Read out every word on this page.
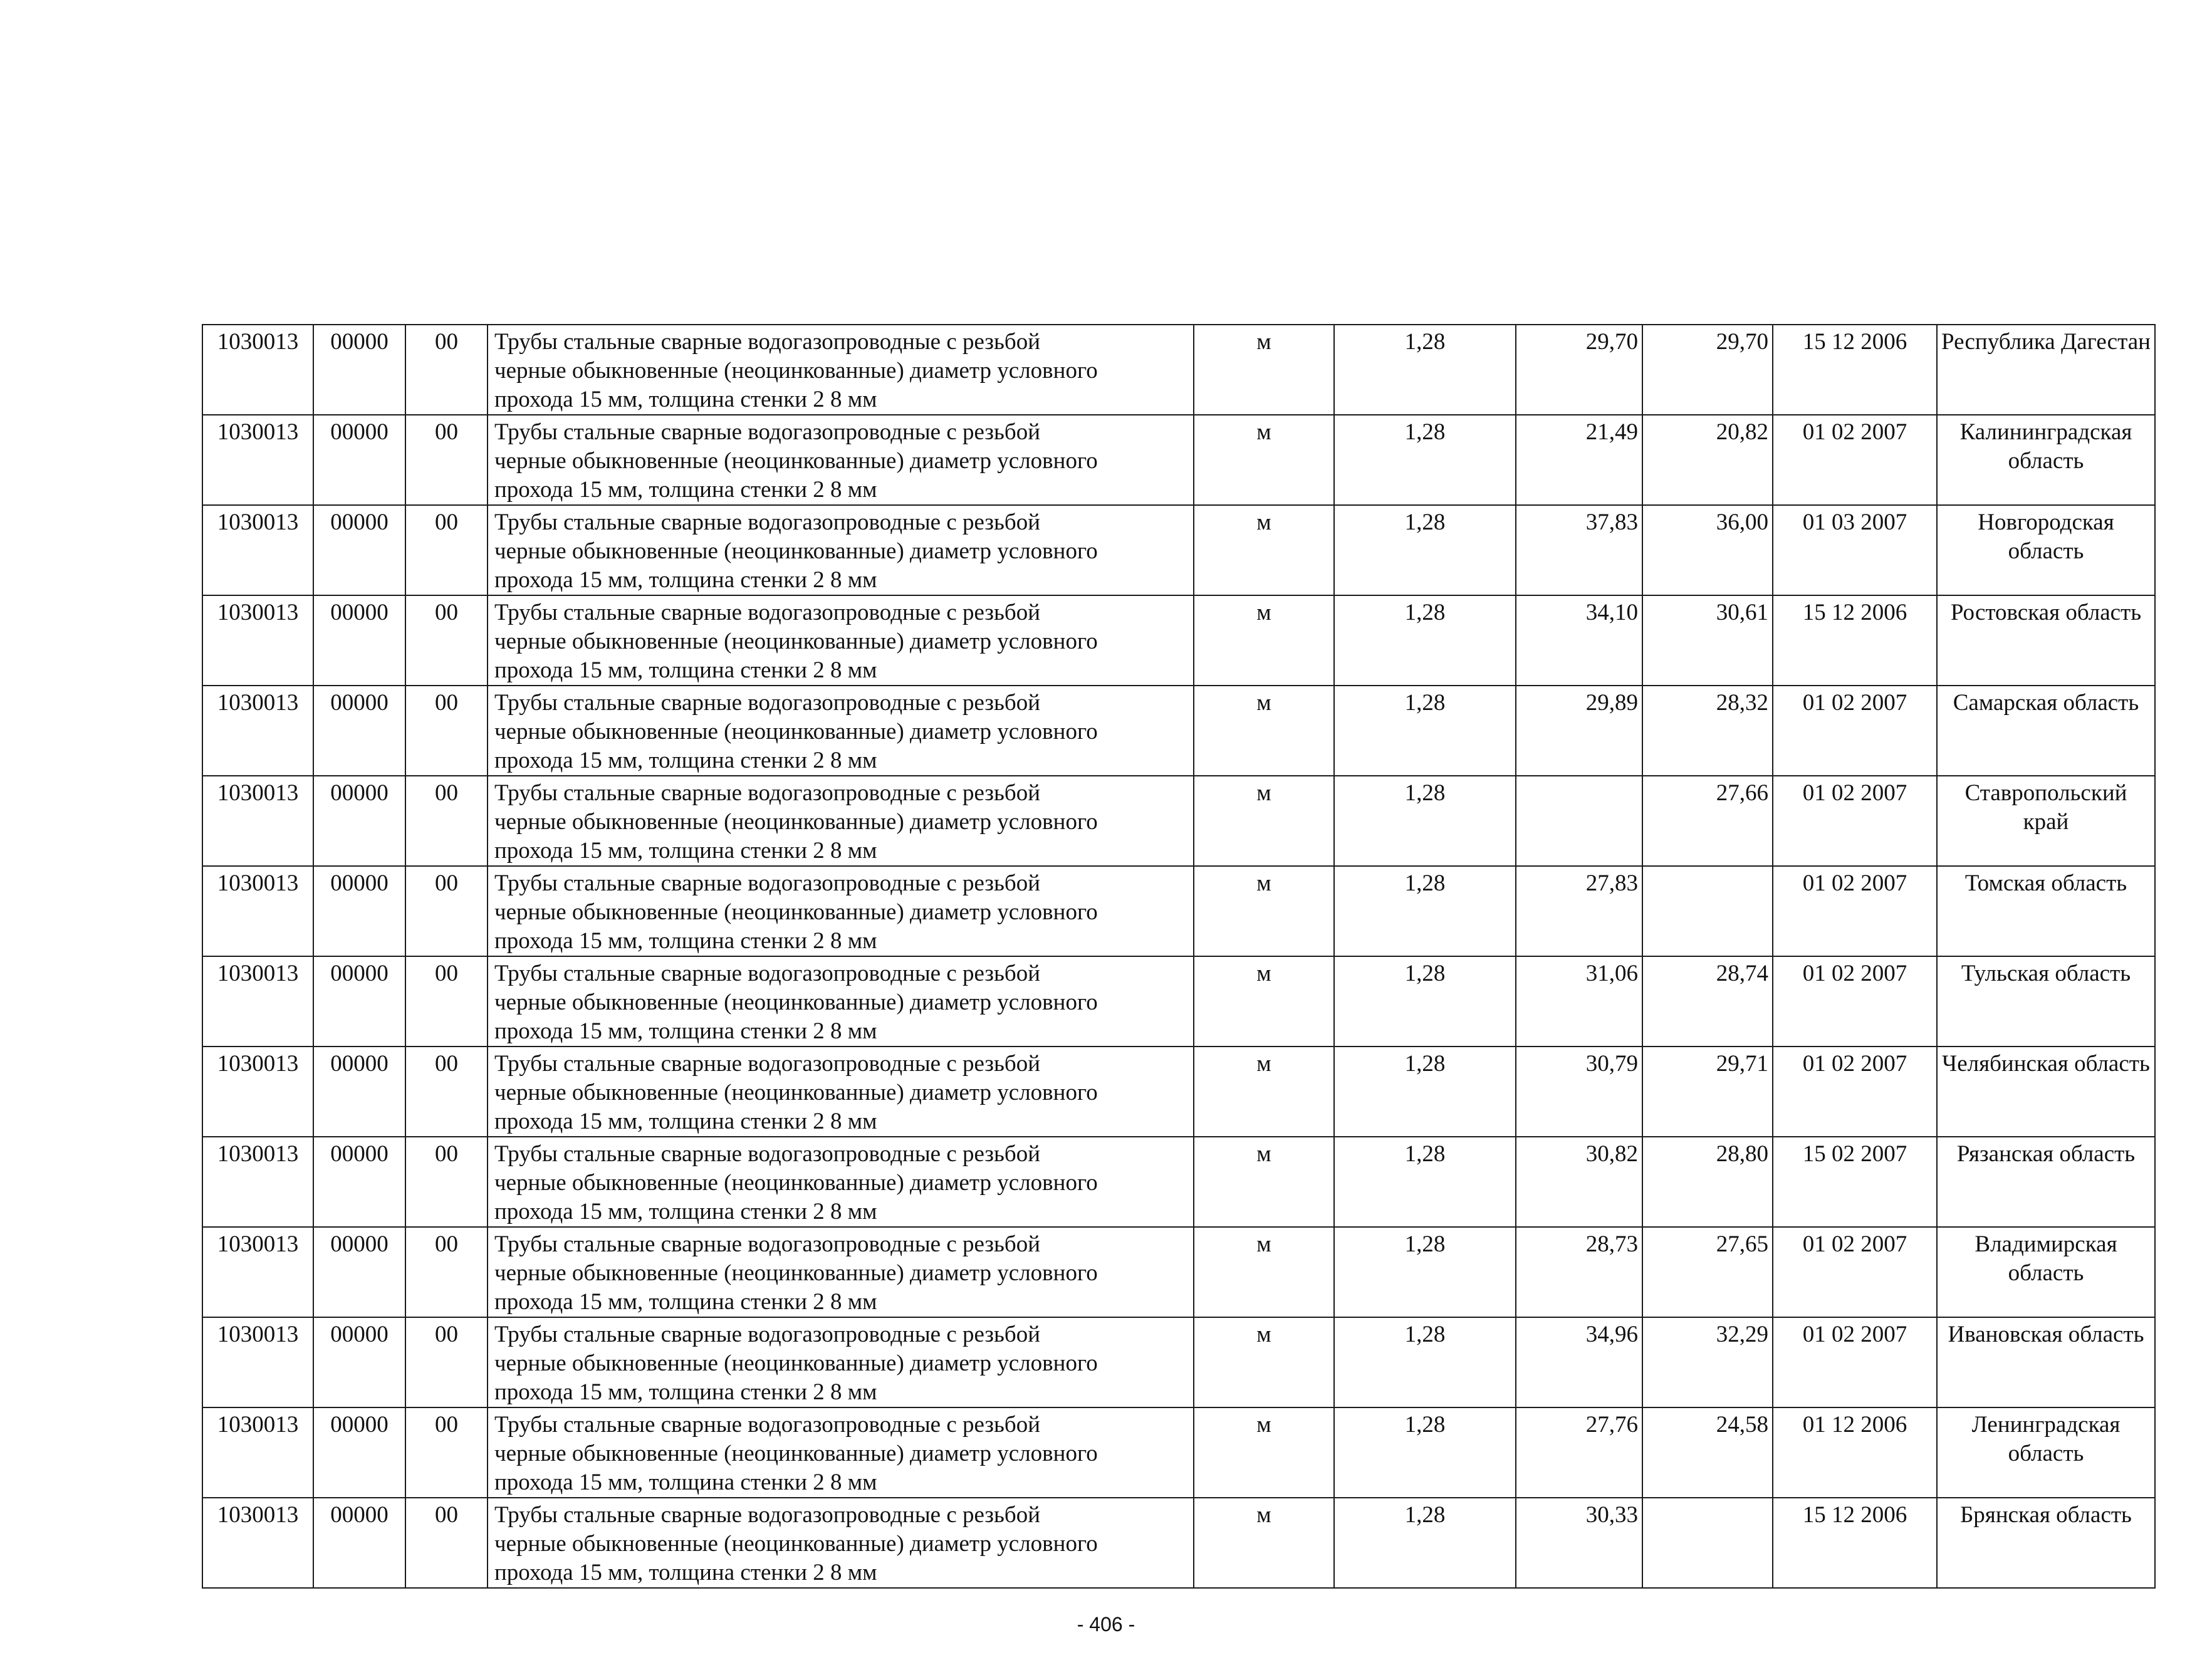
1030013	00000	00	Трубы стальные сварные водогазопроводные с резьбой
черные обыкновенные (неоцинкованные) диаметр условного
прохода 15 мм, толщина стенки 2 8 мм	м	1,28	29,70	29,70	15 12 2006	Республика Дагестан
1030013	00000	00	Трубы стальные сварные водогазопроводные с резьбой
черные обыкновенные (неоцинкованные) диаметр условного
прохода 15 мм, толщина стенки 2 8 мм	м	1,28	21,49	20,82	01 02 2007	Калининградская область
1030013	00000	00	Трубы стальные сварные водогазопроводные с резьбой
черные обыкновенные (неоцинкованные) диаметр условного
прохода 15 мм, толщина стенки 2 8 мм	м	1,28	37,83	36,00	01 03 2007	Новгородская область
1030013	00000	00	Трубы стальные сварные водогазопроводные с резьбой
черные обыкновенные (неоцинкованные) диаметр условного
прохода 15 мм, толщина стенки 2 8 мм	м	1,28	34,10	30,61	15 12 2006	Ростовская область
1030013	00000	00	Трубы стальные сварные водогазопроводные с резьбой
черные обыкновенные (неоцинкованные) диаметр условного
прохода 15 мм, толщина стенки 2 8 мм	м	1,28	29,89	28,32	01 02 2007	Самарская область
1030013	00000	00	Трубы стальные сварные водогазопроводные с резьбой
черные обыкновенные (неоцинкованные) диаметр условного
прохода 15 мм, толщина стенки 2 8 мм	м	1,28		27,66	01 02 2007	Ставропольский край
1030013	00000	00	Трубы стальные сварные водогазопроводные с резьбой
черные обыкновенные (неоцинкованные) диаметр условного
прохода 15 мм, толщина стенки 2 8 мм	м	1,28	27,83		01 02 2007	Томская область
1030013	00000	00	Трубы стальные сварные водогазопроводные с резьбой
черные обыкновенные (неоцинкованные) диаметр условного
прохода 15 мм, толщина стенки 2 8 мм	м	1,28	31,06	28,74	01 02 2007	Тульская область
1030013	00000	00	Трубы стальные сварные водогазопроводные с резьбой
черные обыкновенные (неоцинкованные) диаметр условного
прохода 15 мм, толщина стенки 2 8 мм	м	1,28	30,79	29,71	01 02 2007	Челябинская область
1030013	00000	00	Трубы стальные сварные водогазопроводные с резьбой
черные обыкновенные (неоцинкованные) диаметр условного
прохода 15 мм, толщина стенки 2 8 мм	м	1,28	30,82	28,80	15 02 2007	Рязанская область
1030013	00000	00	Трубы стальные сварные водогазопроводные с резьбой
черные обыкновенные (неоцинкованные) диаметр условного
прохода 15 мм, толщина стенки 2 8 мм	м	1,28	28,73	27,65	01 02 2007	Владимирская область
1030013	00000	00	Трубы стальные сварные водогазопроводные с резьбой
черные обыкновенные (неоцинкованные) диаметр условного
прохода 15 мм, толщина стенки 2 8 мм	м	1,28	34,96	32,29	01 02 2007	Ивановская область
1030013	00000	00	Трубы стальные сварные водогазопроводные с резьбой
черные обыкновенные (неоцинкованные) диаметр условного
прохода 15 мм, толщина стенки 2 8 мм	м	1,28	27,76	24,58	01 12 2006	Ленинградская область
1030013	00000	00	Трубы стальные сварные водогазопроводные с резьбой
черные обыкновенные (неоцинкованные) диаметр условного
прохода 15 мм, толщина стенки 2 8 мм	м	1,28	30,33		15 12 2006	Брянская область
- 406 -
